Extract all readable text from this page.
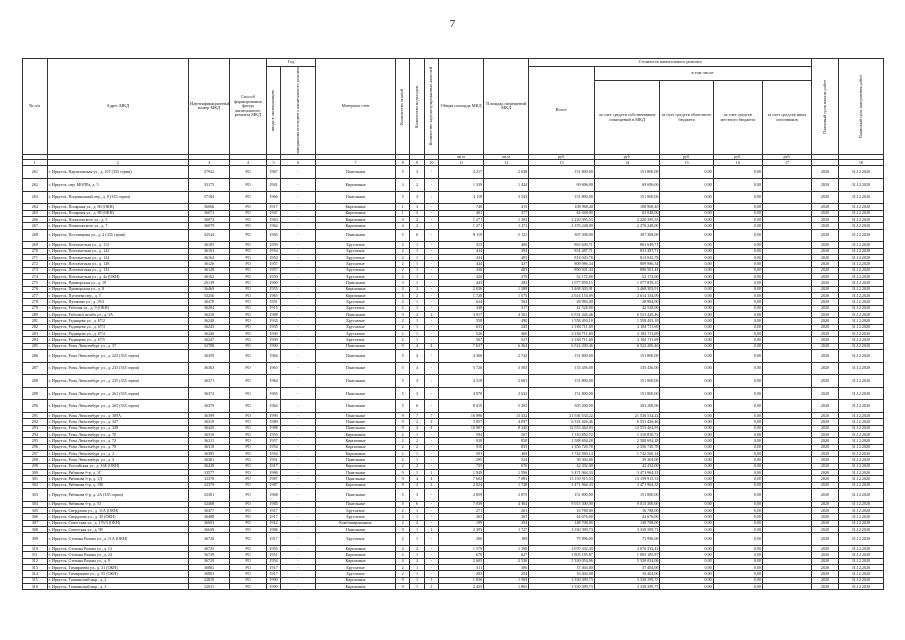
7
№ п/п	Адрес МКД	Идентификационный номер МКД	Способ формирования фонда капитального ремонта МКД	Год		Материал стен	Количество этажей	Количество подъездов	Количество зарегистрированных жителей	Общая площадь МКД	Площадь помещений МКД	Стоимость капитального ремонта					Плановый срок начала работ	Плановый срок завершения работ

				ввода в эксплуатацию	завершения последнего капитального ремонта							Всего:	в том числе:					
													за счет средств собственников помещений в МКД	за счет средств областного бюджета	за счет средств местного бюджета	за счет средств иных источников		
										кв.м	кв.м	руб.	руб.	руб.	руб.	руб.		
1	2	3	4	5	6	7	8	9	10	11	12	13	14	15	16	17		18
261	г. Иркутск, Партизанская ул., д. 107 (335 серии)	37932	РО	1967	-	Панельные	5	3	-	4 217	2 638	151 800,00	151 800,00	0,00	0,00		2020	31.12.2020
262	г. Иркутск, пер. МОПРа, д. 5	33175	РО	1941	-	Кирпичные	3	2	-	1 339	1 424	69 696,00	69 696,00	0,00	0,00		2020	31.12.2020
263	г. Иркутск, Пограничный пер., д. 8 (335 серии)	37184	РО	1966	-	Панельные	5	3	-	4 118	3 543	151 800,00	151 800,00	0,00	0,00		2020	31.12.2020
264	г. Иркутск, Полярная ул., д. 80 (ОКН)	36066	РО	1917	-	Кирпичные	1	3	-	740	415	108 968,40	108 968,40	0,00	0,00		2020	31.12.2020
265	г. Иркутск, Полярная ул., д. 88 (ОКН)	36073	РО	1947	-	Кирпичные	1	3	-	401	377	82 048,00	82 048,00	0,00	0,00		2020	31.12.2020
266	г. Иркутск, Помяловского ул., д. 5	36072	РО	1963	-	Кирпичные	4	2	-	1 271	1 203	2 220 395,53	2 220 395,53	0,00	0,00		2020	31.12.2020
267	г. Иркутск, Помяловского ул., д. 7	36079	РО	1962	-	Кирпичные	4	2	-	1 271	1 271	2 376 248,00	2 376 248,00	0,00	0,00		2020	31.12.2020
268	г. Иркутск, Поставщика ул., д. 2 (335 серии)	32544	РО	1965	-	Панельные	5	6	-	8 119	5 121	307 308,00	307 308,00	0,00	0,00		2020	31.12.2020
269	г. Иркутск, Почтамтская ул., д. 112	36185	РО	1959	-	Брусчатые	2	1	-	415	406	863 649,71	863 649,71	0,00	0,00		2020	31.12.2020
270	г. Иркутск, Почтамтская ул., д. 122	36163	РО	1954	-	Брусчатые	2	1	-	434	394	831 487,71	831 487,71	0,00	0,00		2020	31.12.2020
271	г. Иркутск, Почтамтская ул., д. 124	36164	РО	1954	-	Брусчатые	2	1	-	434	405	814 043,78	814 043,78	0,00	0,00		2020	31.12.2020
272	г. Иркутск, Почтамтская ул., д. 128	36126	РО	1957	-	Брусчатые	2	1	-	444	437	809 986,34	809 986,34	0,00	0,00		2020	31.12.2020
273	г. Иркутск, Почтамтская ул., д. 132	36128	РО	1957	-	Брусчатые	2	1	-	436	403	890 501,44	890 501,44	0,00	0,00		2020	31.12.2020
274	г. Иркутск, Почтамтская ул., д. 4а (ОКН)	36162	РО	1950	-	Брусчатые	2	1	-	420	379	52 172,00	52 172,00	0,00	0,00		2020	31.12.2020
275	г. Иркутск, Приморская ул., д. 19	26139	РО	1960	-	Панельные	3	1	-	443	282	1 077 859,15	1 077 859,15	0,00	0,00		2020	31.12.2020
276	г. Иркутск, Приморская ул., д. 8	36469	РО	1955	-	Кирпичные	3	3	-	2 036	1 289	3 468 303,91	3 468 303,91	0,00	0,00		2020	31.12.2020
277	г. Иркутск, Пугачева пер., д. 5	33256	РО	1965	-	Кирпичные	5	2	-	1 728	1 575	2 614 154,09	2 614 154,09	0,00	0,00		2020	31.12.2020
278	г. Иркутск, Пушкина ул., д. 19/2	36470	РО	1951	-	Брусчатые	2	1	-	624	562	28 984,00	28 984,00	0,00	0,00		2020	31.12.2020
279	г. Иркутск, Рабочая ул., д. 9 (ОКН)	36204	РО	1915	-	Брусчатые	2	1	-	348	317	42 528,00	42 528,00	0,00	0,00		2020	31.12.2020
280	г. Иркутск, Рабочего штаба ул., д. 3А	36210	РО	1988	-	Панельные	9	2	2	3 917	4 502	6 531 426,46	6 531 426,46	0,00	0,00		2020	31.12.2020
281	г. Иркутск, Радищева ул., д. 67/2	36248	РО	1935	-	Брусчатые	2	1	-	558	490	1 558 493,18	1 558 493,18	0,00	0,00		2020	31.12.2020
282	г. Иркутск, Радищева ул., д. 67/3	36245	РО	1935	-	Брусчатые	2	1	-	653	245	2 184 711,69	2 184 711,69	0,00	0,00		2020	31.12.2020
283	г. Иркутск, Радищева ул., д. 67/4	36246	РО	1939	-	Брусчатые	2	1	-	526	466	2 184 711,69	2 184 711,69	0,00	0,00		2020	31.12.2020
284	г. Иркутск, Радищева ул., д. 67/5	36247	РО	1939	-	Брусчатые	2	1	-	567	527	2 184 711,69	2 184 711,69	0,00	0,00		2020	31.12.2020
285	г. Иркутск, Розы Люксембург ул., д. 37	32788	РО	1990	-	Панельные	9	4	4	7 637	6 364	6 522 200,46	6 522 200,46	0,00	0,00		2020	31.12.2020
286	г. Иркутск, Розы Люксембург ул., д. 225 (335 серии)	36359	РО	1964	-	Панельные	5	4	-	4 366	2 742	151 800,00	151 800,00	0,00	0,00		2020	31.12.2020
287	г. Иркутск, Розы Люксембург ул., д. 233 (335 серии)	36363	РО	1965	-	Панельные	5	4	-	5 720	3 583	135 456,00	135 456,00	0,00	0,00		2020	31.12.2020
288	г. Иркутск, Розы Люксембург ул., д. 235 (335 серии)	36371	РО	1964	-	Панельные	5	3	-	4 218	2 681	151 800,00	151 800,00	0,00	0,00		2020	31.12.2020
289	г. Иркутск, Розы Люксембург ул., д. 261 (335 серии)	36374	РО	1965	-	Панельные	5	3	-	4 070	2 632	151 800,00	151 800,00	0,00	0,00		2020	31.12.2020
290	г. Иркутск, Розы Люксембург ул., д. 265 (335 серии)	36376	РО	1964	-	Панельные	5	6	-	8 419	5 203	303 200,00	303 200,00	0,00	0,00		2020	31.12.2020
291	г. Иркутск, Розы Люксембург ул., д. 309А	36399	РО	1990	-	Панельные	9	7	7	16 990	13 432	21 536 534,22	21 536 534,22	0,00	0,00		2020	31.12.2020
292	г. Иркутск, Розы Люксембург ул., д. 347	36419	РО	1989	-	Панельные	9	2	2	3 857	4 097	6 531 426,46	6 531 426,46	0,00	0,00		2020	31.12.2020
293	г. Иркутск, Розы Люксембург ул., д. 349	36420	РО	1988	-	Панельные	9	4	4	10 987	8 345	12 553 464,93	12 553 464,93	0,00	0,00		2020	31.12.2020
294	г. Иркутск, Розы Люксембург ул., д. 70	36310	РО	1955	-	Кирпичные	2	1	-	594	507	1 310 850,72	1 310 850,72	0,00	0,00		2020	31.12.2020
295	г. Иркутск, Розы Люксембург ул., д. 72	36311	РО	1957	-	Кирпичные	2	2	-	928	858	2 588 694,28	2 588 694,28	0,00	0,00		2020	31.12.2020
296	г. Иркутск, Розы Люксембург ул., д. 78	36318	РО	1954	-	Кирпичные	2	2	-	910	835	2 356 720,78	2 356 720,78	0,00	0,00		2020	31.12.2020
297	г. Иркутск, Розы Люксембург ул., д. 2	36385	РО	1954	-	Кирпичные	2	1	-	591	469	1 742 560,14	1 742 560,14	0,00	0,00		2020	31.12.2020
298	г. Иркутск, Розы Люксембург ул., д. 4	36381	РО	1951	-	Панельные	2	1	-	295	524	39 304,00	39 304,00	0,00	0,00		2020	31.12.2020
299	г. Иркутск, Российская ул., д. 16Б (ОКН)	36428	РО	1917	-	Кирпичные	2	2	-	735	676	42 432,00	42 432,00	0,00	0,00		2020	31.12.2020
300	г. Иркутск, Рябикова б-р, д. 1Г	33577	РО	1986	-	Панельные	9	1	1	1 849	1 596	3 471 964,33	3 471 964,33	0,00	0,00		2020	31.12.2020
301	г. Иркутск, Рябикова б-р, д. 1Д	32378	РО	1987	-	Панельные	9	4	4	7 602	7 083	13 159 915,53	13 159 915,53	0,00	0,00		2020	31.12.2020
302	г. Иркутск, Рябикова б-р, д. 19Б	32379	РО	1987	-	Кирпичные	9	2	2	2 024	1 728	3 471 964,33	3 471 964,33	0,00	0,00		2020	31.12.2020
303	г. Иркутск, Рябикова б-р, д. 2А (335 серии)	32381	РО	1968	-	Панельные	5	3	-	2 859	2 875	151 800,00	151 800,00	0,00	0,00		2020	31.12.2020
304	г. Иркутск, Рябикова б-р, д. 53	32468	РО	1985	-	Панельные	5	6	-	7 039	4 364	9 015 300,00	9 015 300,00	0,00	0,00		2020	31.12.2020
305	г. Иркутск, Свердлова ул., д. 11А (ОКН)	36477	РО	1917	-	Брусчатые	2	1	-	271	261	16 788,00	16 788,00	0,00	0,00		2020	31.12.2020
306	г. Иркутск, Свердлова ул., д. 45 (ОКН)	36488	РО	1917	-	Брусчатые	2	1	-	265	267	44 676,00	44 676,00	0,00	0,00		2020	31.12.2020
307	г. Иркутск, Советская ул., д. 176/3 (ОКН)	36603	РО	1912	-	Комбинированные	2	2	-	199	294	148 708,00	148 708,00	0,00	0,00		2020	31.12.2020
308	г. Иркутск, Советская ул., д. 98	36638	РО	1986	-	Панельные	9	1	1	2 395	1 727	3 330 399,73	3 330 399,73	0,00	0,00		2020	31.12.2020
309	г. Иркутск, Степана Разина ул., д. 11А (ОКН)	36720	РО	1917	-	Брусчатые	2	1	-	206	189	75 996,00	75 996,00	0,00	0,00		2020	31.12.2020
310	г. Иркутск, Степана Разина ул., д. 12	36725	РО	1955	-	Кирпичные	4	2	-	1 579	1 298	3 070 332,43	3 070 332,43	0,00	0,00		2020	31.12.2020
311	г. Иркутск, Степана Разина ул., д. 24	36739	РО	1951	-	Кирпичные	2	1	-	678	627	1 805 185,87	1 805 185,87	0,00	0,00		2020	31.12.2020
312	г. Иркутск, Степана Разина ул., д. 9	36729	РО	1954	-	Кирпичные	4	2	-	2 605	2 336	5 330 054,06	5 330 054,06	0,00	0,00		2020	31.12.2020
313	г. Иркутск, Тимирязева ул., д. 31 (ОКН)	36802	РО	1917	-	Брусчатые	2	1	-	311	306	37 404,00	37 404,00	0,00	0,00		2020	31.12.2020
314	г. Иркутск, Тимирязева ул., д. 55 (ОКН)	36803	РО	1917	-	Брусчатые	2	1	-	283	254	16 404,00	16 404,00	0,00	0,00		2020	31.12.2020
315	г. Иркутск, Топкинский мкр., д. 2	32810	РО	1990	-	Кирпичные	9	1	1	1 836	1 569	3 330 399,73	3 330 399,73	0,00	0,00		2020	31.12.2020
316	г. Иркутск, Топкинский мкр., д. 3	32811	РО	1990	-	Кирпичные	9	1	1	2 425	1 865	3 330 399,73	3 330 399,73	0,00	0,00		2020	31.12.2020
